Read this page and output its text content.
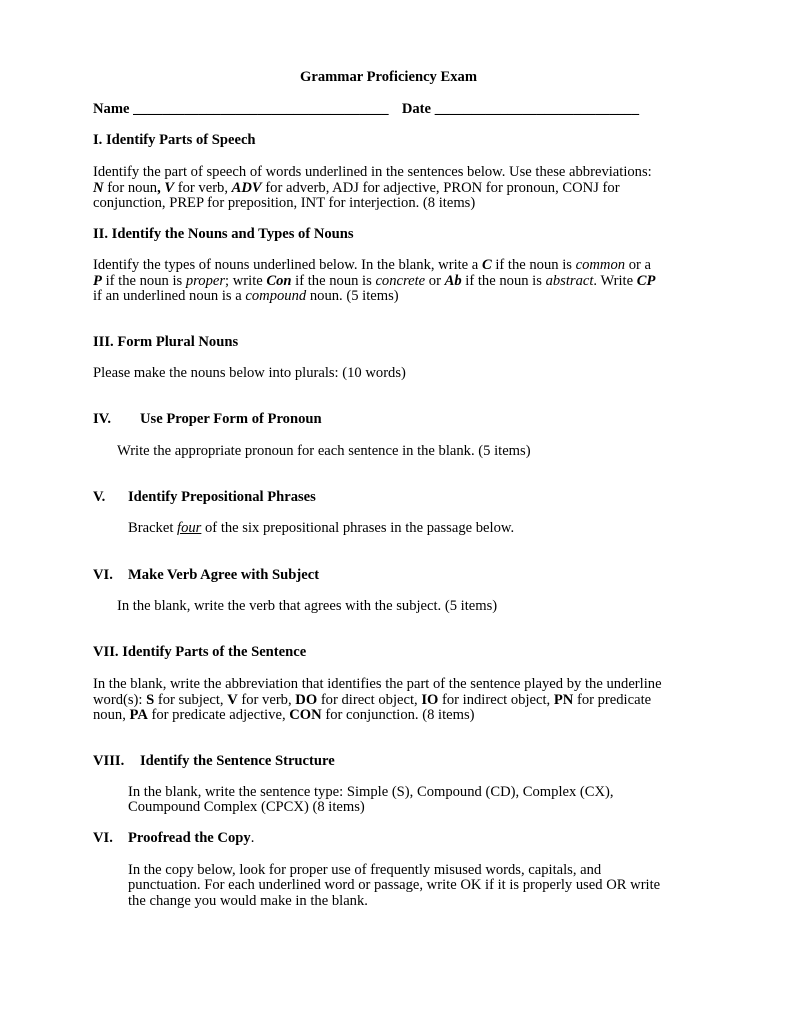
Grammar Proficiency Exam
Name ___________________________________ Date ____________________________
I. Identify Parts of Speech
Identify the part of speech of words underlined in the sentences below. Use these abbreviations:
N for noun, V for verb, ADV for adverb, ADJ for adjective, PRON for pronoun, CONJ for
conjunction, PREP for preposition, INT for interjection. (8 items)
II. Identify the Nouns and Types of Nouns
Identify the types of nouns underlined below. In the blank, write a C if the noun is common or a
P if the noun is proper; write Con if the noun is concrete or Ab if the noun is abstract. Write CP
if an underlined noun is a compound noun. (5 items)
III. Form Plural Nouns
Please make the nouns below into plurals: (10 words)
IV. Use Proper Form of Pronoun
Write the appropriate pronoun for each sentence in the blank. (5 items)
V. Identify Prepositional Phrases
Bracket four of the six prepositional phrases in the passage below.
VI. Make Verb Agree with Subject
In the blank, write the verb that agrees with the subject. (5 items)
VII. Identify Parts of the Sentence
In the blank, write the abbreviation that identifies the part of the sentence played by the underline
word(s): S for subject, V for verb, DO for direct object, IO for indirect object, PN for predicate
noun, PA for predicate adjective, CON for conjunction. (8 items)
VIII. Identify the Sentence Structure
In the blank, write the sentence type: Simple (S), Compound (CD), Complex (CX),
Coumpound Complex (CPCX) (8 items)
VI. Proofread the Copy.
In the copy below, look for proper use of frequently misused words, capitals, and
punctuation. For each underlined word or passage, write OK if it is properly used OR write
the change you would make in the blank.
